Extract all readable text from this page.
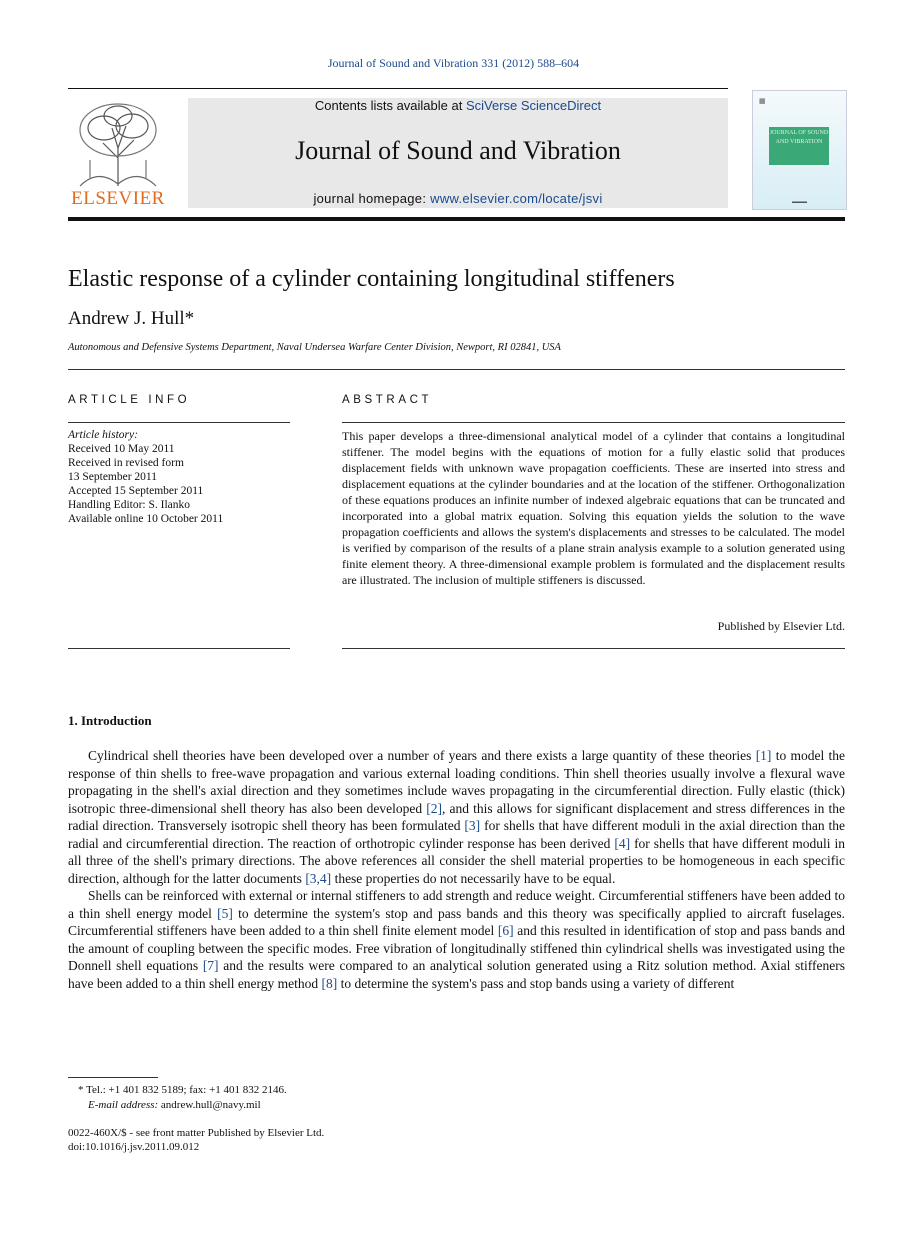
Journal of Sound and Vibration 331 (2012) 588–604
ELSEVIER
Contents lists available at SciVerse ScienceDirect
Journal of Sound and Vibration
journal homepage: www.elsevier.com/locate/jsvi
▦
JOURNAL OF SOUND AND VIBRATION
▬▬▬
Elastic response of a cylinder containing longitudinal stiffeners
Andrew J. Hull*
Autonomous and Defensive Systems Department, Naval Undersea Warfare Center Division, Newport, RI 02841, USA
ARTICLE INFO	ABSTRACT
Article history:
Received 10 May 2011
Received in revised form
13 September 2011
Accepted 15 September 2011
Handling Editor: S. Ilanko
Available online 10 October 2011
This paper develops a three-dimensional analytical model of a cylinder that contains a longitudinal stiffener. The model begins with the equations of motion for a fully elastic solid that produces displacement fields with unknown wave propagation coefficients. These are inserted into stress and displacement equations at the cylinder boundaries and at the location of the stiffener. Orthogonalization of these equations produces an infinite number of indexed algebraic equations that can be truncated and incorporated into a global matrix equation. Solving this equation yields the solution to the wave propagation coefficients and allows the system's displacements and stresses to be calculated. The model is verified by comparison of the results of a plane strain analysis example to a solution generated using finite element theory. A three-dimensional example problem is formulated and the displacement results are illustrated. The inclusion of multiple stiffeners is discussed.
Published by Elsevier Ltd.
1. Introduction

Cylindrical shell theories have been developed over a number of years and there exists a large quantity of these theories [1] to model the response of thin shells to free-wave propagation and various external loading conditions. Thin shell theories usually involve a flexural wave propagating in the shell's axial direction and they sometimes include waves propagating in the circumferential direction. Fully elastic (thick) isotropic three-dimensional shell theory has also been developed [2], and this allows for significant displacement and stress differences in the radial direction. Transversely isotropic shell theory has been formulated [3] for shells that have different moduli in the axial direction than the radial and circumferential direction. The reaction of orthotropic cylinder response has been derived [4] for shells that have different moduli in all three of the shell's primary directions. The above references all consider the shell material properties to be homogeneous in each specific direction, although for the latter documents [3,4] these properties do not necessarily have to be equal.

Shells can be reinforced with external or internal stiffeners to add strength and reduce weight. Circumferential stiffeners have been added to a thin shell energy model [5] to determine the system's stop and pass bands and this theory was specifically applied to aircraft fuselages. Circumferential stiffeners have been added to a thin shell finite element model [6] and this resulted in identification of stop and pass bands and the amount of coupling between the specific modes. Free vibration of longitudinally stiffened thin cylindrical shells was investigated using the Donnell shell equations [7] and the results were compared to an analytical solution generated using a Ritz solution method. Axial stiffeners have been added to a thin shell energy method [8] to determine the system's pass and stop bands using a variety of different

* Tel.: +1 401 832 5189; fax: +1 401 832 2146.
E-mail address: andrew.hull@navy.mil
0022-460X/$ - see front matter Published by Elsevier Ltd.
doi:10.1016/j.jsv.2011.09.012
